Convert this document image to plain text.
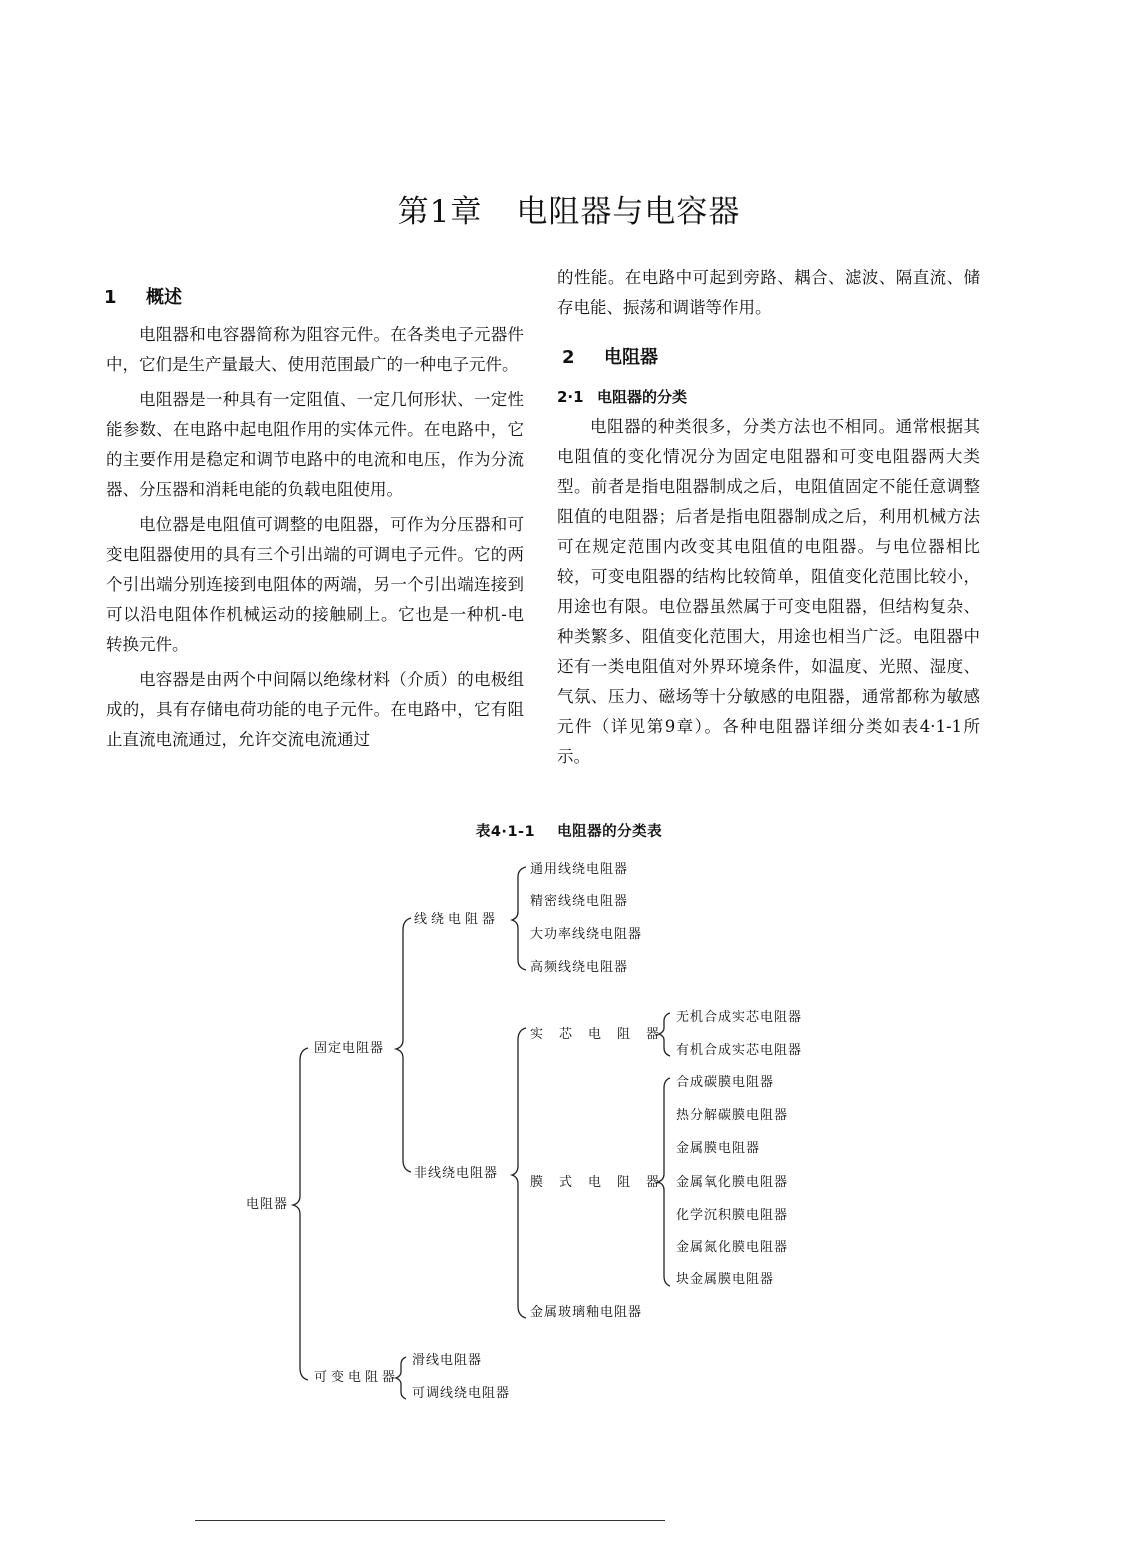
第1章 电阻器与电容器
1 概述

电阻器和电容器简称为阻容元件。在各类电子元器件中，它们是生产量最大、使用范围最广的一种电子元件。

电阻器是一种具有一定阻值、一定几何形状、一定性能参数、在电路中起电阻作用的实体元件。在电路中，它的主要作用是稳定和调节电路中的电流和电压，作为分流器、分压器和消耗电能的负载电阻使用。

电位器是电阻值可调整的电阻器，可作为分压器和可变电阻器使用的具有三个引出端的可调电子元件。它的两个引出端分别连接到电阻体的两端，另一个引出端连接到可以沿电阻体作机械运动的接触刷上。它也是一种机-电转换元件。

电容器是由两个中间隔以绝缘材料（介质）的电极组成的，具有存储电荷功能的电子元件。在电路中，它有阻止直流电流通过，允许交流电流通过

的性能。在电路中可起到旁路、耦合、滤波、隔直流、储存电能、振荡和调谐等作用。

2 电阻器
2·1 电阻器的分类

电阻器的种类很多，分类方法也不相同。通常根据其电阻值的变化情况分为固定电阻器和可变电阻器两大类型。前者是指电阻器制成之后，电阻值固定不能任意调整阻值的电阻器；后者是指电阻器制成之后，利用机械方法可在规定范围内改变其电阻值的电阻器。与电位器相比较，可变电阻器的结构比较简单，阻值变化范围比较小，用途也有限。电位器虽然属于可变电阻器，但结构复杂、种类繁多、阻值变化范围大，用途也相当广泛。电阻器中还有一类电阻值对外界环境条件，如温度、光照、湿度、气氛、压力、磁场等十分敏感的电阻器，通常都称为敏感元件（详见第9章）。各种电阻器详细分类如表4·1-1所示。

表4·1-1 电阻器的分类表
电阻器
固定电阻器
可变电阻器
线绕电阻器
非线绕电阻器
通用线绕电阻器
精密线绕电阻器
大功率线绕电阻器
高频线绕电阻器
实芯电阻器
膜式电阻器
金属玻璃釉电阻器
无机合成实芯电阻器
有机合成实芯电阻器
合成碳膜电阻器
热分解碳膜电阻器
金属膜电阻器
金属氧化膜电阻器
化学沉积膜电阻器
金属氮化膜电阻器
块金属膜电阻器
滑线电阻器
可调线绕电阻器
